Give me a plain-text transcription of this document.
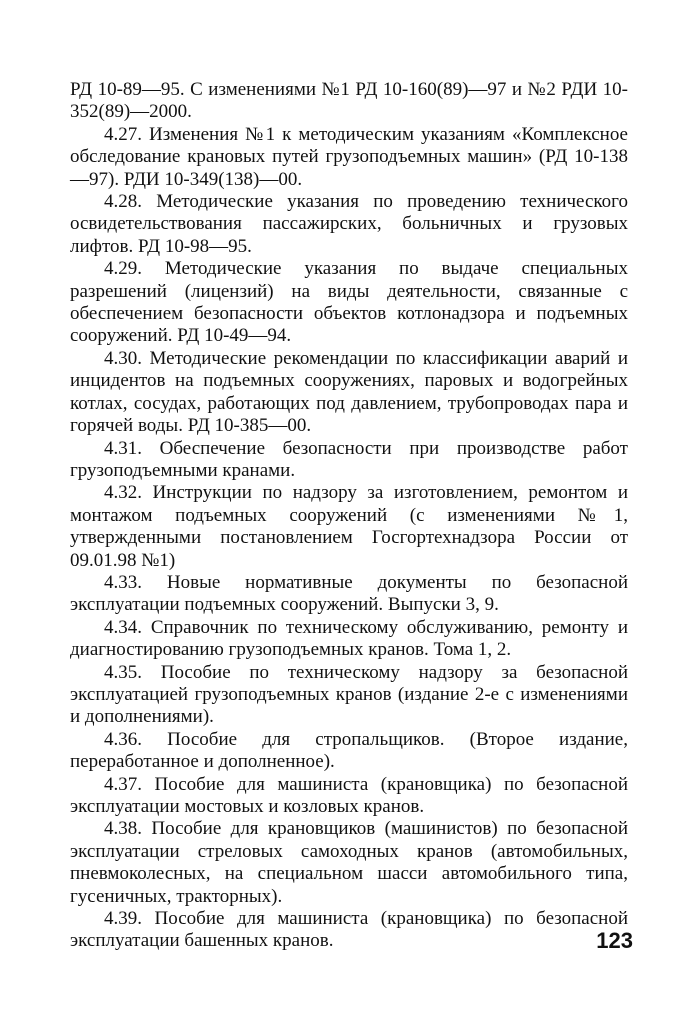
РД 10-89—95. С изменениями №1 РД 10-160(89)—97 и №2 РДИ 10-352(89)—2000.

4.27. Изменения №1 к методическим указаниям «Комплексное обследование крановых путей грузоподъемных машин» (РД 10-138—97). РДИ 10-349(138)—00.

4.28. Методические указания по проведению технического освидетельствования пассажирских, больничных и грузовых лифтов. РД 10-98—95.

4.29. Методические указания по выдаче специальных разрешений (лицензий) на виды деятельности, связанные с обеспечением безопасности объектов котлонадзора и подъемных сооружений. РД 10-49—94.

4.30. Методические рекомендации по классификации аварий и инцидентов на подъемных сооружениях, паровых и водогрейных котлах, сосудах, работающих под давлением, трубопроводах пара и горячей воды. РД 10-385—00.

4.31. Обеспечение безопасности при производстве работ грузоподъемными кранами.

4.32. Инструкции по надзору за изготовлением, ремонтом и монтажом подъемных сооружений (с изменениями №1, утвержденными постановлением Госгортехнадзора России от 09.01.98 №1)

4.33. Новые нормативные документы по безопасной эксплуатации подъемных сооружений. Выпуски 3, 9.

4.34. Справочник по техническому обслуживанию, ремонту и диагностированию грузоподъемных кранов. Тома 1, 2.

4.35. Пособие по техническому надзору за безопасной эксплуатацией грузоподъемных кранов (издание 2-е с изменениями и дополнениями).

4.36. Пособие для стропальщиков. (Второе издание, переработанное и дополненное).

4.37. Пособие для машиниста (крановщика) по безопасной эксплуатации мостовых и козловых кранов.

4.38. Пособие для крановщиков (машинистов) по безопасной эксплуатации стреловых самоходных кранов (автомобильных, пневмоколесных, на специальном шасси автомобильного типа, гусеничных, тракторных).

4.39. Пособие для машиниста (крановщика) по безопасной эксплуатации башенных кранов.	123
